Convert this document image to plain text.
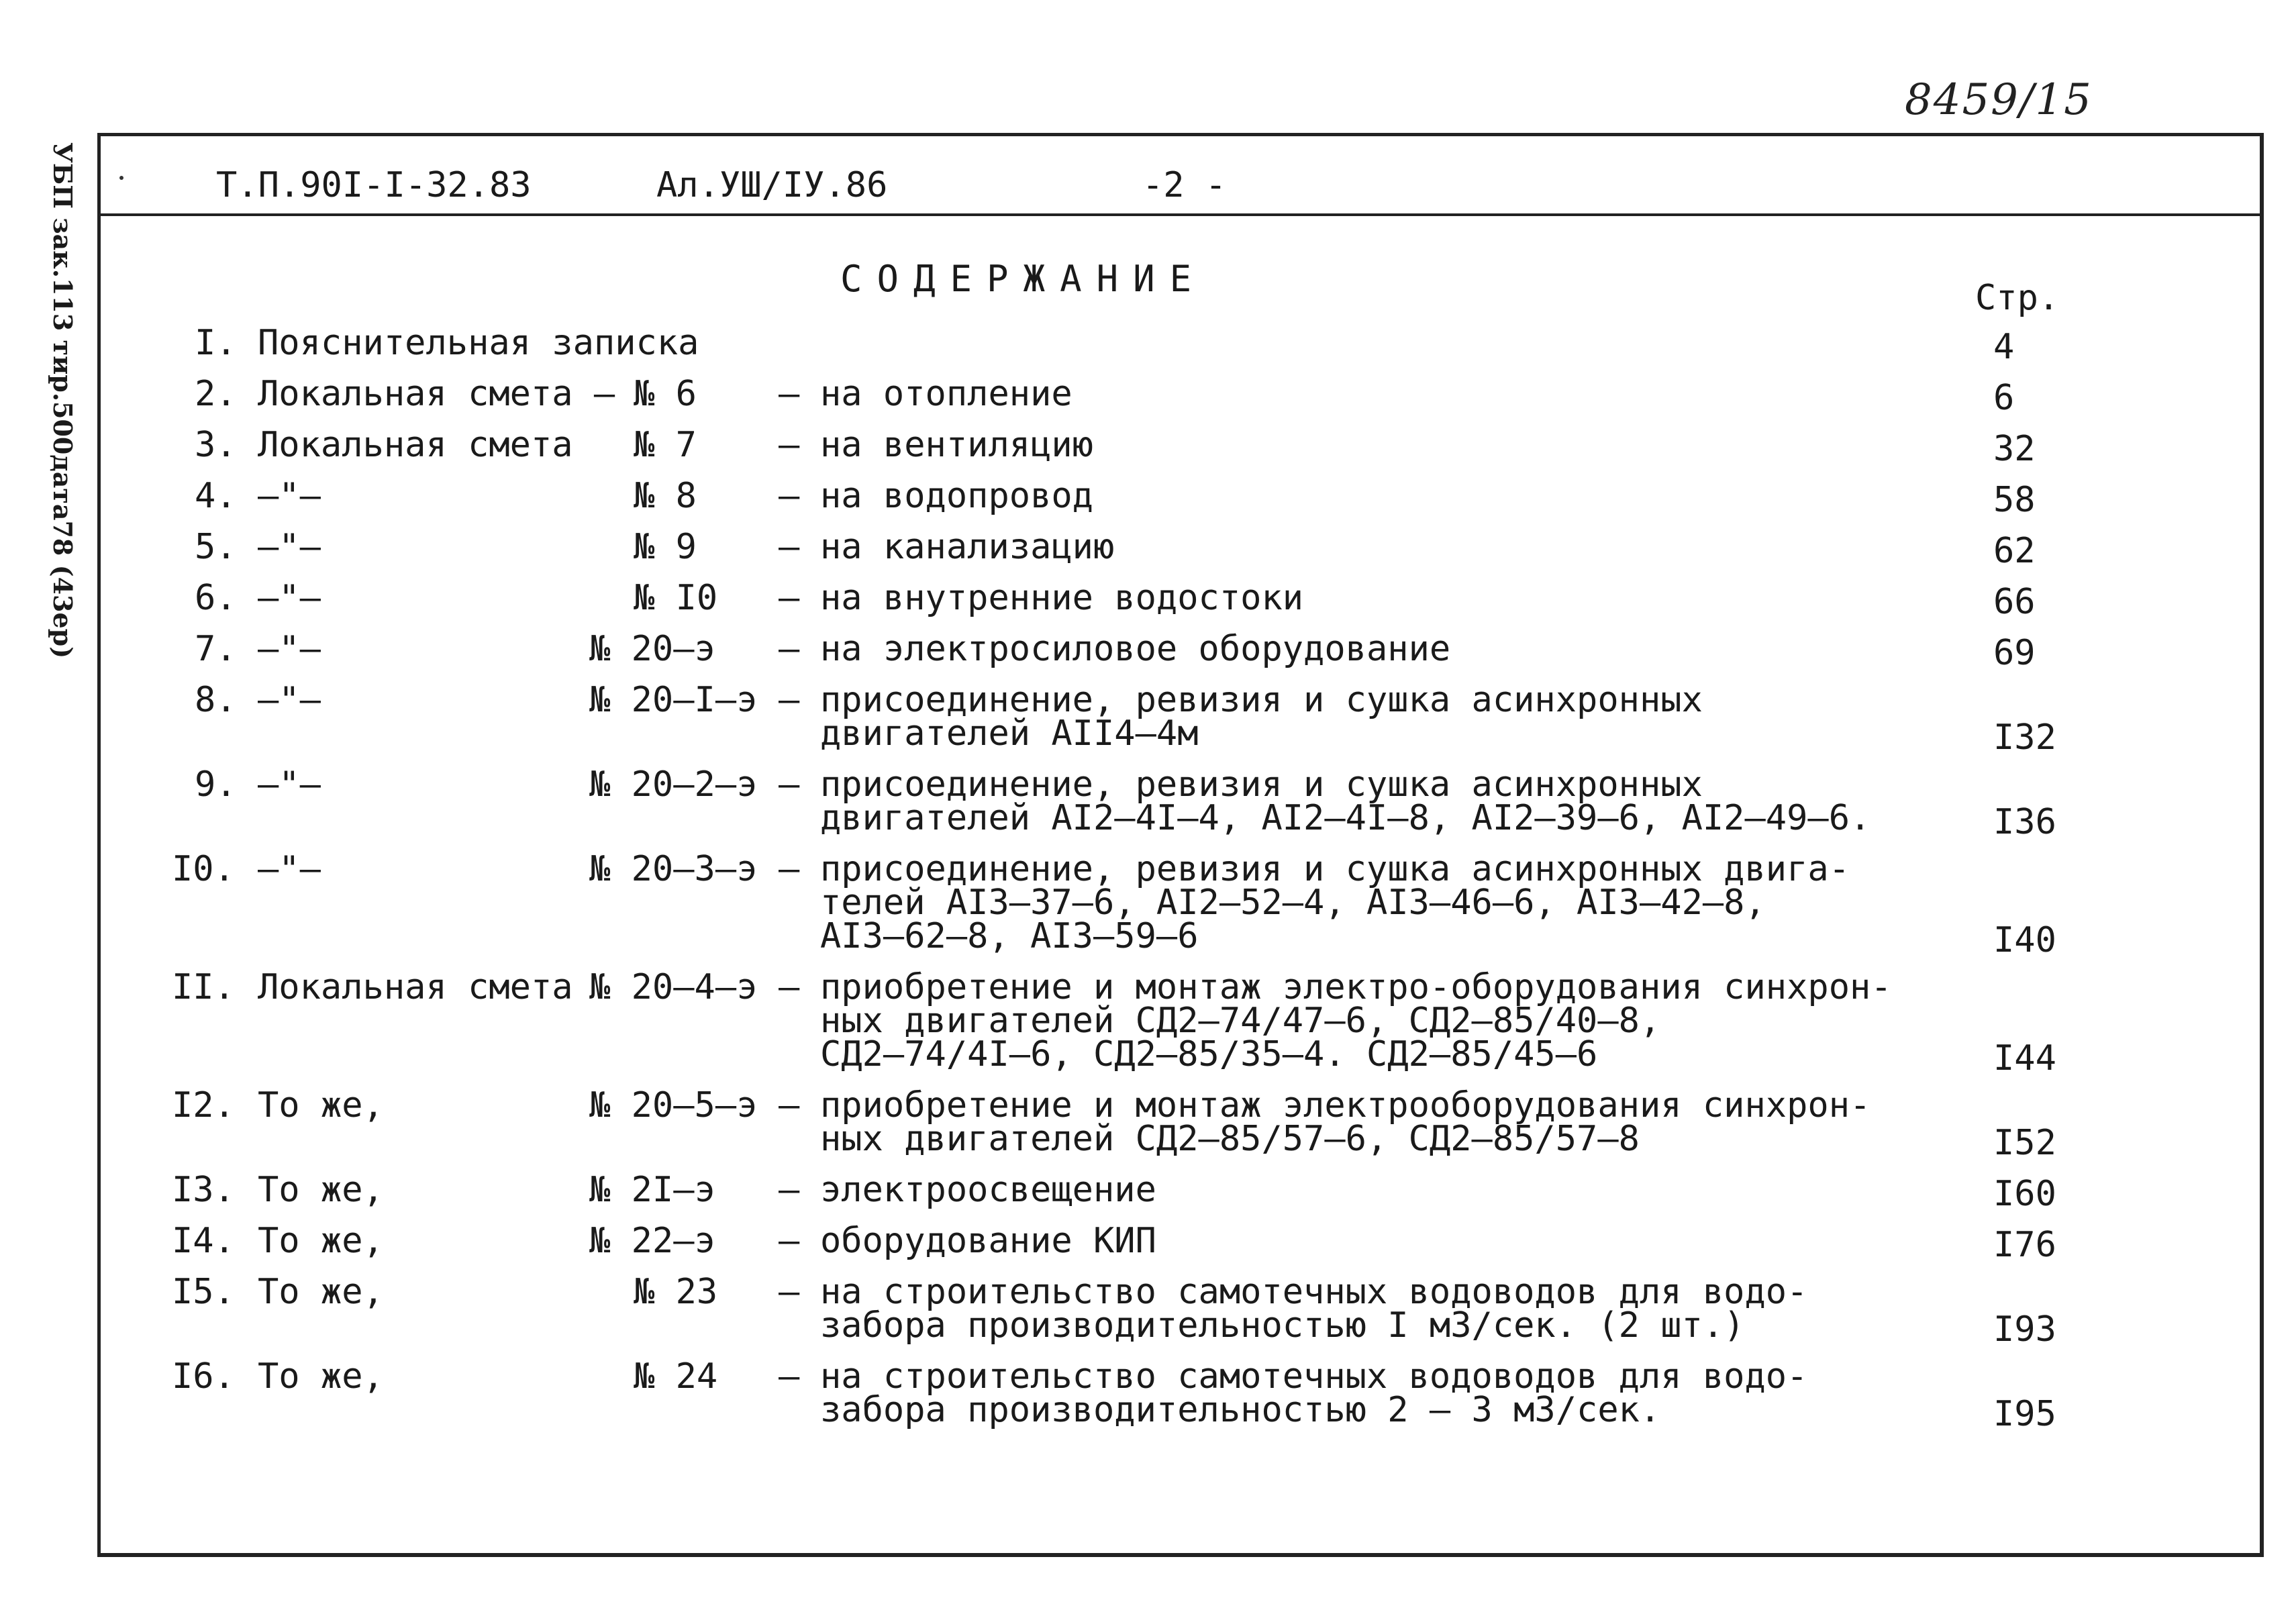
8459/15
УБП зак.113 тир.500дата78 (43ер)	Т.П.90I-I-32.83	Ал.УШ/IУ.86	-2 -
СОДЕРЖАНИЕ	Стр.
I. Пояснительная записка	4
2. Локальная смета – № 6 – на отопление	6
3. Локальная смета № 7 – на вентиляцию	32
4. –"–	№ 8 – на водопровод	58
5. –"–	№ 9 – на канализацию	62
6. –"–	№ I0 – на внутренние водостоки	66
7. –"–	№ 20–э – на электросиловое оборудование	69
8. –"–	№ 20–I–э – присоединение, ревизия и сушка асинхронных
двигателей АII4–4м	I32
9. –"–	№ 20–2–э – присоединение, ревизия и сушка асинхронных
двигателей АI2–4I–4, АI2–4I–8, АI2–39–6, АI2–49–6.	I36
I0. –"–	№ 20–3–э – присоединение, ревизия и сушка асинхронных двига-
телей АI3–37–6, АI2–52–4, АI3–46–6, АI3–42–8,
АI3–62–8, АI3–59–6	I40
II. Локальная смета № 20–4–э – приобретение и монтаж электро-оборудования синхрон-
ных двигателей СД2–74/47–6, СД2–85/40–8,
СД2–74/4I–6, СД2–85/35–4. СД2–85/45–6	I44
I2. То же,	№ 20–5–э – приобретение и монтаж электрооборудования синхрон-
ных двигателей СД2–85/57–6, СД2–85/57–8	I52
I3. То же,	№ 2I–э – электроосвещение	I60
I4. То же,	№ 22–э – оборудование КИП	I76
I5. То же,	№ 23 – на строительство самотечных водоводов для водо-
забора производительностью I м3/сек. (2 шт.)	I93
I6. То же,	№ 24 – на строительство самотечных водоводов для водо-
забора производительностью 2 – 3 м3/сек.	I95
